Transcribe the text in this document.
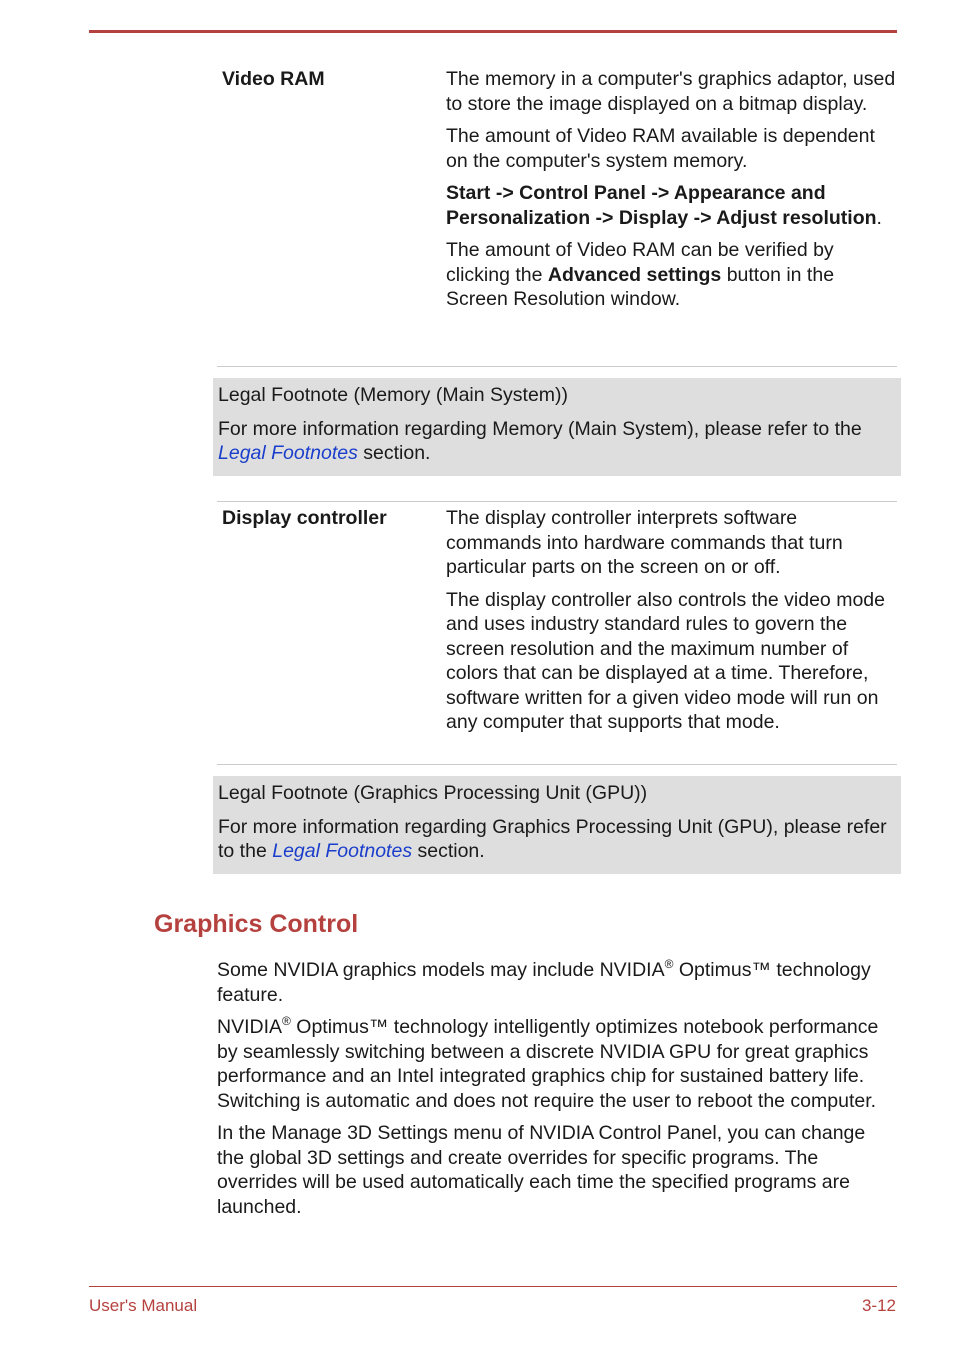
Video RAM	The memory in a computer's graphics adaptor, used to store the image displayed on a bitmap display.

The amount of Video RAM available is dependent on the computer's system memory.

Start -> Control Panel -> Appearance and Personalization -> Display -> Adjust resolution.

The amount of Video RAM can be verified by clicking the Advanced settings button in the Screen Resolution window.

Legal Footnote (Memory (Main System))

For more information regarding Memory (Main System), please refer to the Legal Footnotes section.

Display controller	The display controller interprets software commands into hardware commands that turn particular parts on the screen on or off.

The display controller also controls the video mode and uses industry standard rules to govern the screen resolution and the maximum number of colors that can be displayed at a time. Therefore, software written for a given video mode will run on any computer that supports that mode.

Legal Footnote (Graphics Processing Unit (GPU))

For more information regarding Graphics Processing Unit (GPU), please refer to the Legal Footnotes section.

Graphics Control

Some NVIDIA graphics models may include NVIDIA® Optimus™ technology feature.

NVIDIA® Optimus™ technology intelligently optimizes notebook performance by seamlessly switching between a discrete NVIDIA GPU for great graphics performance and an Intel integrated graphics chip for sustained battery life. Switching is automatic and does not require the user to reboot the computer.

In the Manage 3D Settings menu of NVIDIA Control Panel, you can change the global 3D settings and create overrides for specific programs. The overrides will be used automatically each time the specified programs are launched.

User's Manual	3-12
